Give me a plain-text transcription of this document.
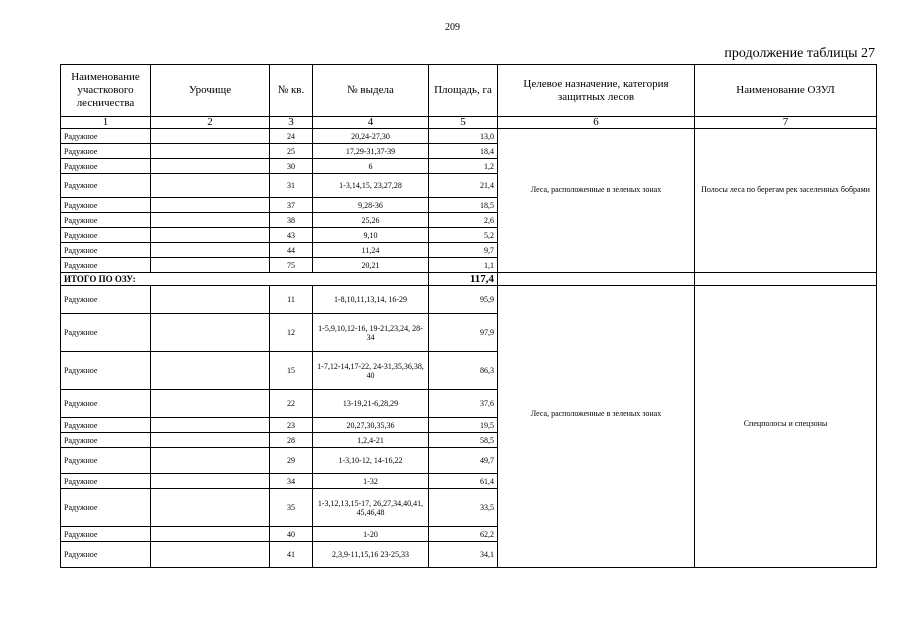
209
продолжение таблицы 27
Наименование участкового лесничества	Урочище	№ кв.	№ выдела	Площадь, га	Целевое назначение, категория защитных лесов	Наименование ОЗУЛ
1	2	3	4	5	6	7
Радужное		24	20,24-27,30	13,0	Леса, расположенные в зеленых зонах	Полосы леса по берегам рек заселенных бобрами
Радужное		25	17,29-31,37-39	18,4		
Радужное		30	6	1,2		
Радужное		31	1-3,14,15, 23,27,28	21,4		
Радужное		37	9,28-36	18,5		
Радужное		38	25,26	2,6		
Радужное		43	9,10	5,2		
Радужное		44	11,24	9,7		
Радужное		75	20,21	1,1		
ИТОГО ПО ОЗУ:				117,4		
Радужное		11	1-8,10,11,13,14, 16-29	95,9	Леса, расположенные в зеленых зонах	Спецполосы и спецзоны
Радужное		12	1-5,9,10,12-16, 19-21,23,24, 28-34	97,9		
Радужное		15	1-7,12-14,17-22, 24-31,35,36,38, 40	86,3		
Радужное		22	13-19,21-6,28,29	37,6		
Радужное		23	20,27,30,35,36	19,5		
Радужное		28	1,2,4-21	58,5		
Радужное		29	1-3,10-12, 14-16,22	49,7		
Радужное		34	1-32	61,4		
Радужное		35	1-3,12,13,15-17, 26,27,34,40,41, 45,46,48	33,5		
Радужное		40	1-20	62,2		
Радужное		41	2,3,9-11,15,16 23-25,33	34,1		
